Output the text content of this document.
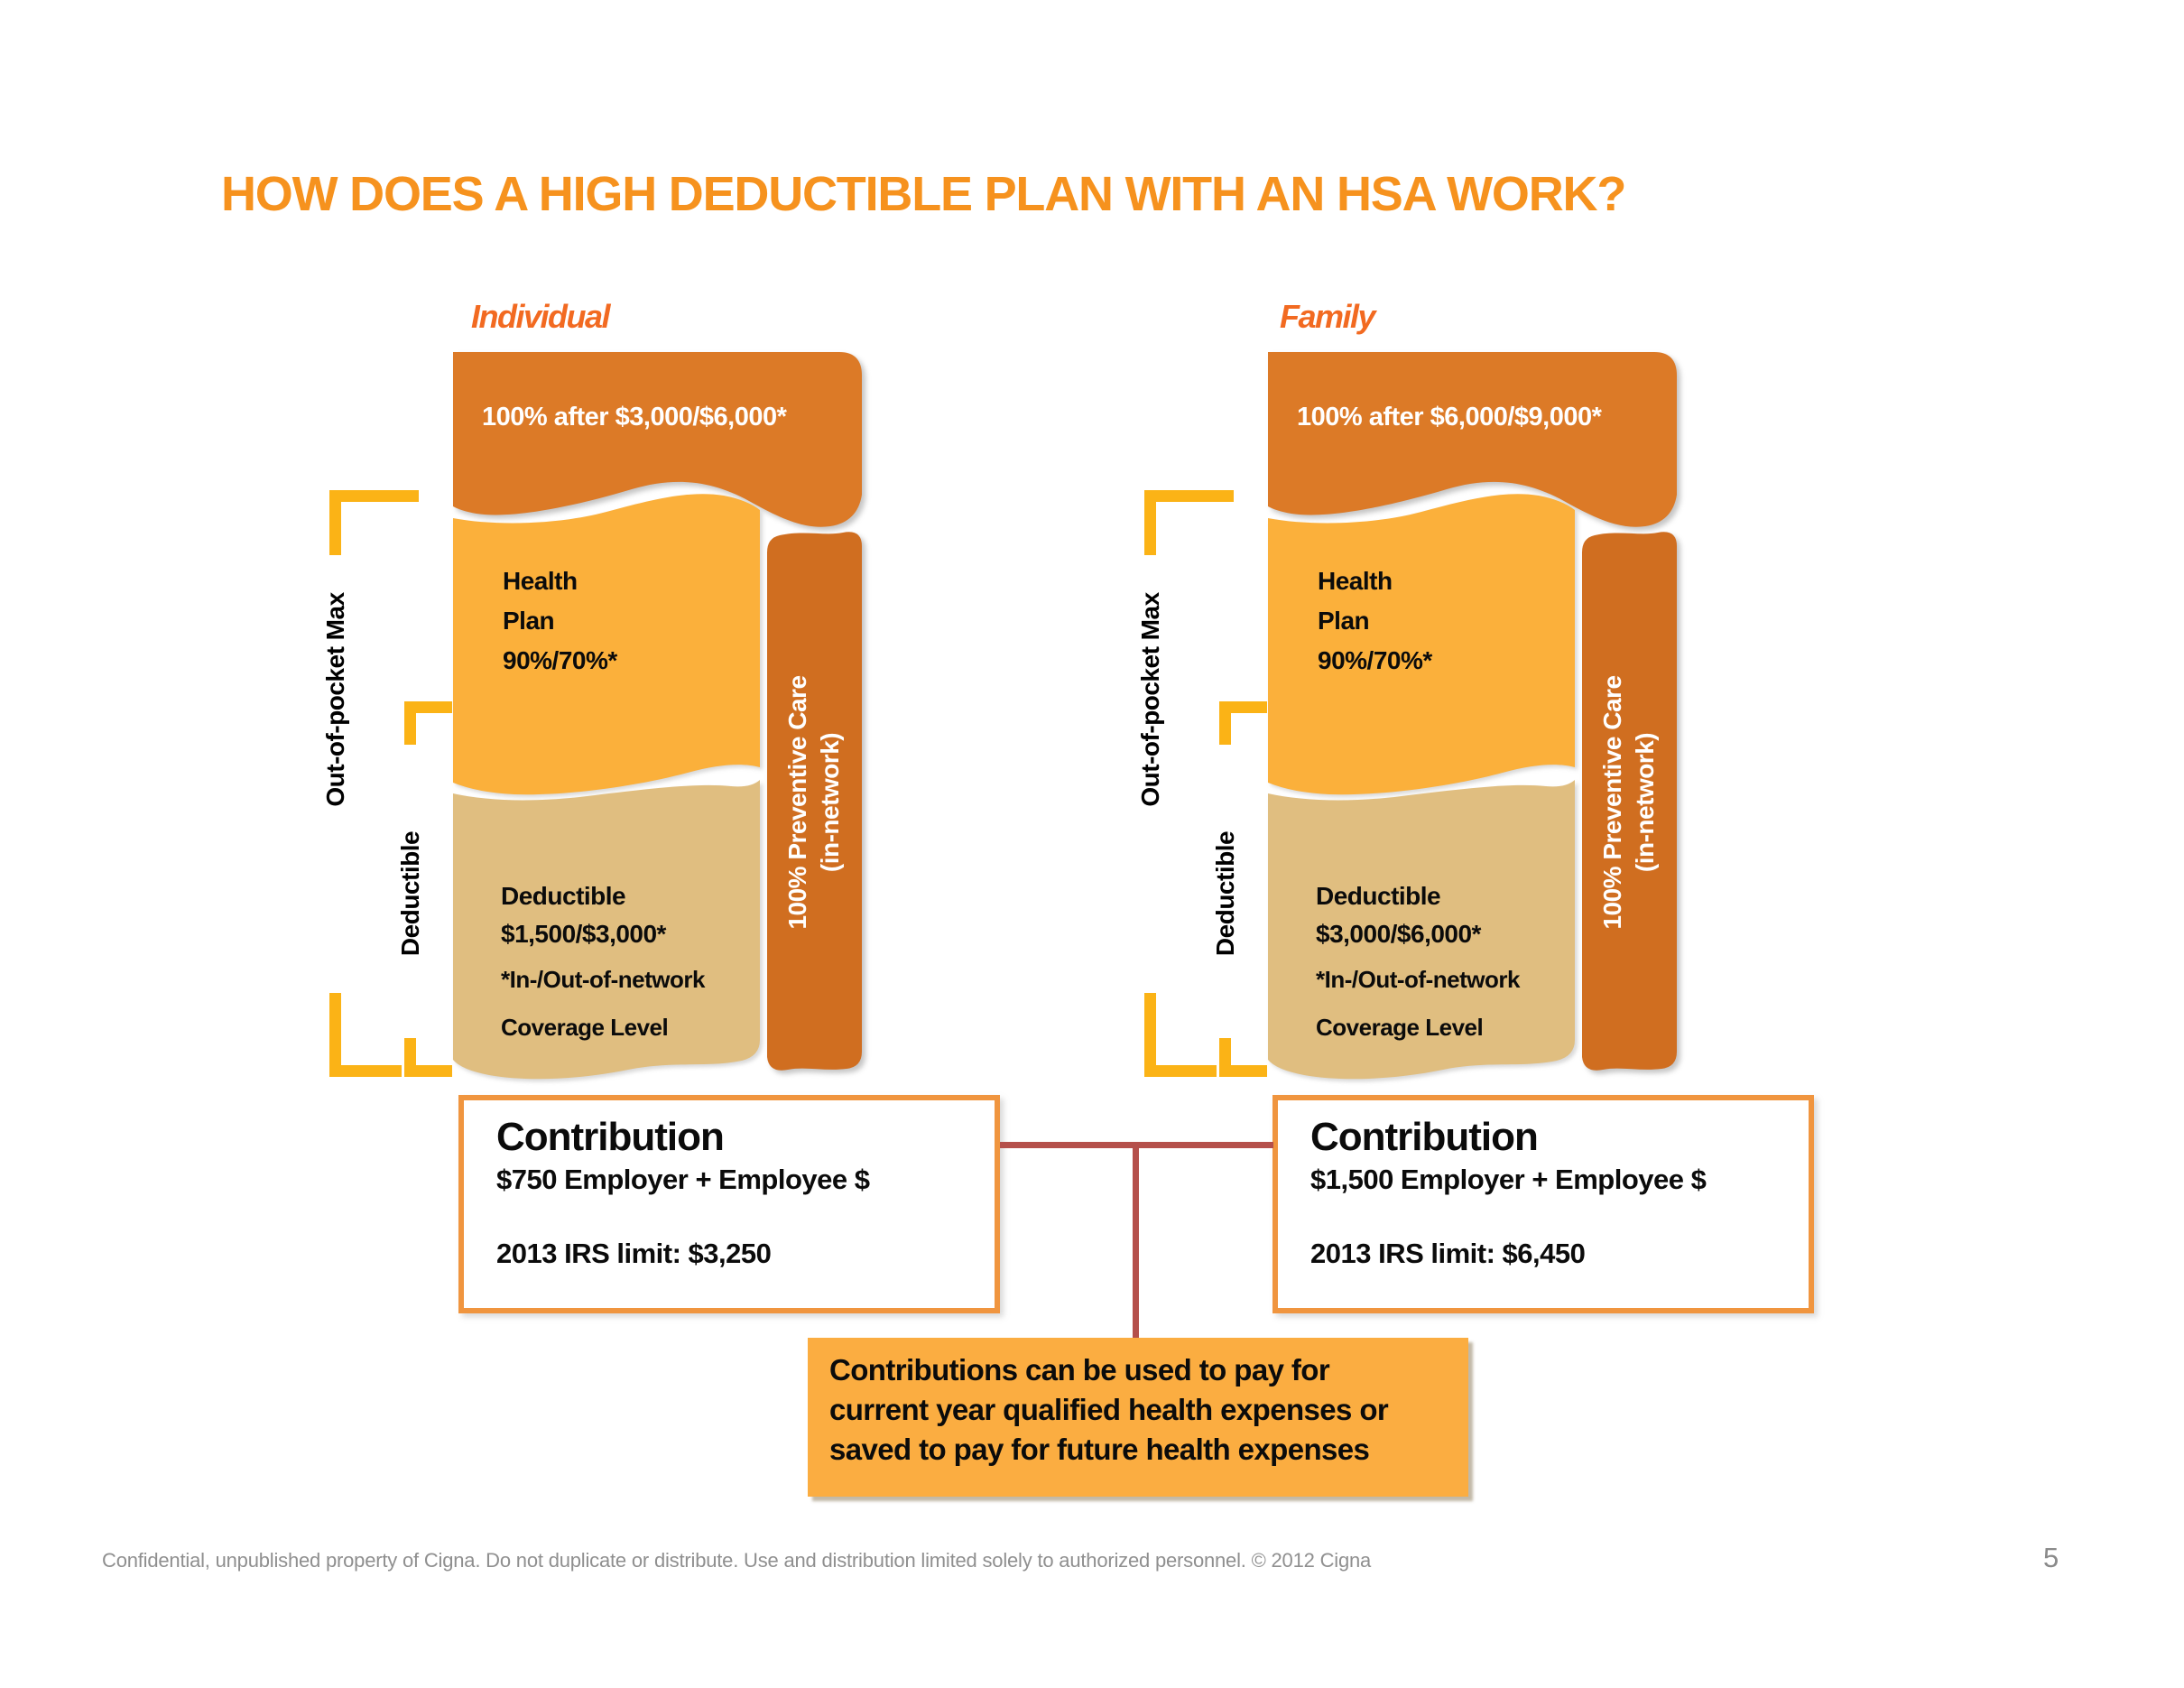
HOW DOES A HIGH DEDUCTIBLE PLAN WITH AN HSA WORK?
Individual
100% after $3,000/$6,000*
Health
Plan
90%/70%*
Deductible
$1,500/$3,000*
*In-/Out-of-network
Coverage Level
100% Preventive Care (in-network)
Out-of-pocket Max
Deductible
Contribution
$750 Employer + Employee $
2013 IRS limit: $3,250
Family
100% after $6,000/$9,000*
Health
Plan
90%/70%*
Deductible
$3,000/$6,000*
*In-/Out-of-network
Coverage Level
100% Preventive Care (in-network)
Out-of-pocket Max
Deductible
Contribution
$1,500 Employer + Employee $
2013 IRS limit: $6,450
Contributions can be used to pay for
current year qualified health expenses or
saved to pay for future health expenses
Confidential, unpublished property of Cigna. Do not duplicate or distribute. Use and distribution limited solely to authorized personnel. © 2012 Cigna	5
